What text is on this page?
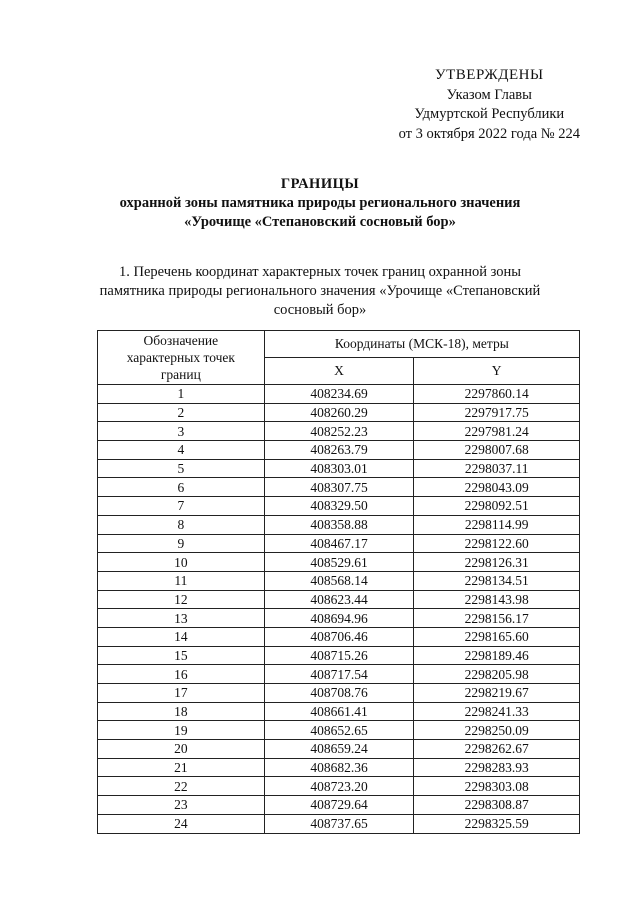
УТВЕРЖДЕНЫ
Указом Главы
Удмуртской Республики
от 3 октября 2022 года № 224
ГРАНИЦЫ
охранной зоны памятника природы регионального значения
«Урочище «Степановский сосновый бор»
1. Перечень координат характерных точек границ охранной зоны
памятника природы регионального значения «Урочище «Степановский
сосновый бор»
Обозначение
характерных точек
границ	Координаты (МСК-18), метры	
	X	Y
1	408234.69	2297860.14
2	408260.29	2297917.75
3	408252.23	2297981.24
4	408263.79	2298007.68
5	408303.01	2298037.11
6	408307.75	2298043.09
7	408329.50	2298092.51
8	408358.88	2298114.99
9	408467.17	2298122.60
10	408529.61	2298126.31
11	408568.14	2298134.51
12	408623.44	2298143.98
13	408694.96	2298156.17
14	408706.46	2298165.60
15	408715.26	2298189.46
16	408717.54	2298205.98
17	408708.76	2298219.67
18	408661.41	2298241.33
19	408652.65	2298250.09
20	408659.24	2298262.67
21	408682.36	2298283.93
22	408723.20	2298303.08
23	408729.64	2298308.87
24	408737.65	2298325.59
